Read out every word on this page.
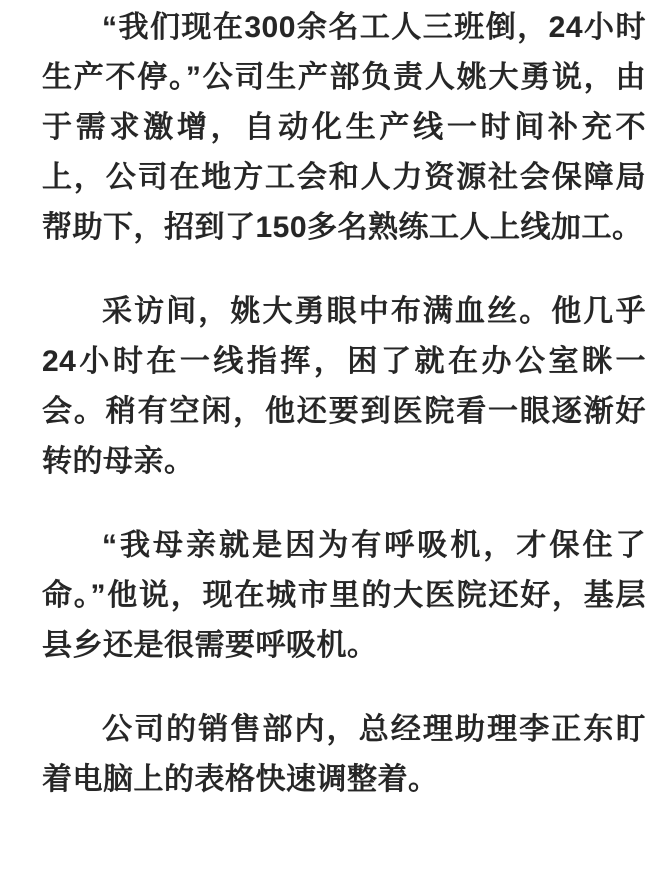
“我们现在300余名工人三班倒，24小时生产不停。”公司生产部负责人姚大勇说，由于需求激增，自动化生产线一时间补充不上，公司在地方工会和人力资源社会保障局帮助下，招到了150多名熟练工人上线加工。

采访间，姚大勇眼中布满血丝。他几乎24小时在一线指挥，困了就在办公室眯一会。稍有空闲，他还要到医院看一眼逐渐好转的母亲。

“我母亲就是因为有呼吸机，才保住了命。”他说，现在城市里的大医院还好，基层县乡还是很需要呼吸机。

公司的销售部内，总经理助理李正东盯着电脑上的表格快速调整着。
